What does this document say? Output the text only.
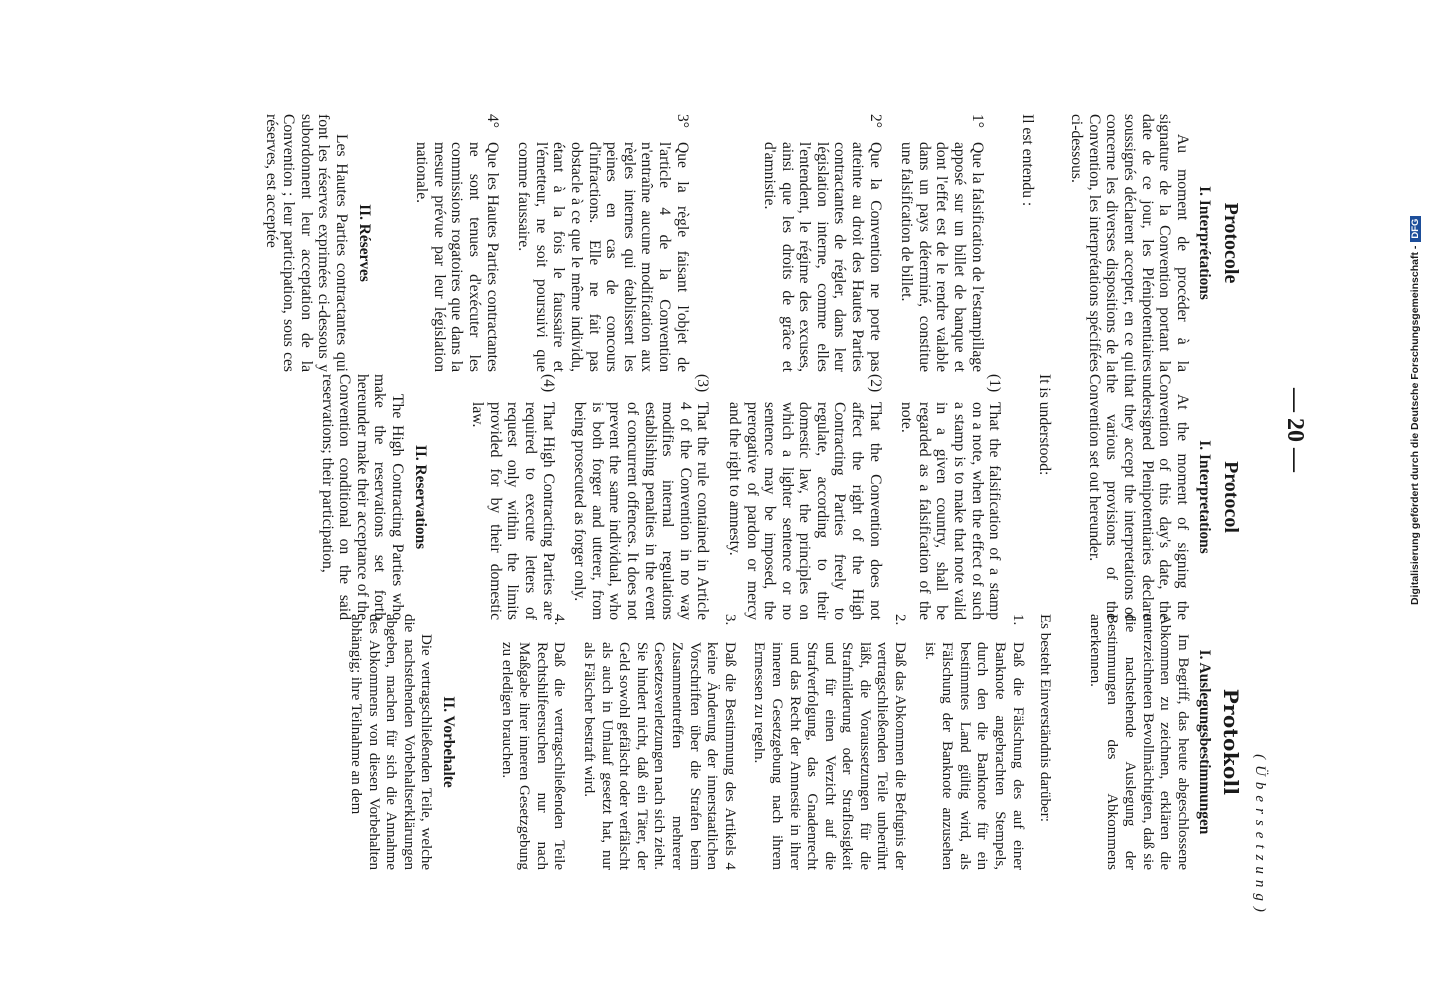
— 20 —
(Übersetzung)
Protocole
I. Interprétations

Au moment de procéder à la signature de la Convention portant la date de ce jour, les Plénipotentiaires soussignés déclarent accepter, en ce qui concerne les diverses dispositions de la Convention, les interprétations spécifiées ci-dessous.

Il est entendu :

1°
Que la falsification de l'estampillage apposé sur un billet de banque et dont l'effet est de le rendre valable dans un pays déterminé, constitue une falsification de billet.
2°
Que la Convention ne porte pas atteinte au droit des Hautes Parties contractantes de régler, dans leur législation interne, comme elles l'entendent, le régime des excuses, ainsi que les droits de grâce et d'amnistie.
3°
Que la règle faisant l'objet de l'article 4 de la Convention n'entraîne aucune modification aux règles internes qui établissent les peines en cas de concours d'infractions. Elle ne fait pas obstacle à ce que le même individu, étant à la fois le faussaire et l'émetteur, ne soit poursuivi que comme faussaire.
4°
Que les Hautes Parties contractantes ne sont tenues d'exécuter les commissions rogatoires que dans la mesure prévue par leur législation nationale.
II. Réserves

Les Hautes Parties contractantes qui font les réserves exprimées ci-dessous y subordonnent leur acceptation de la Convention ; leur participation, sous ces réserves, est acceptée

Protocol
I. Interpretations

At the moment of signing the Convention of this day's date, the undersigned Plenipotentiaries declare that they accept the interpretations of the various provisions of the Convention set out hereunder.

It is understood:

(1)
That the falsification of a stamp on a note, when the effect of such a stamp is to make that note valid in a given country, shall be regarded as a falsification of the note.
(2)
That the Convention does not affect the right of the High Contracting Parties freely to regulate, according to their domestic law, the principles on which a lighter sentence or no sentence may be imposed, the prerogative of pardon or mercy and the right to amnesty.
(3)
That the rule contained in Article 4 of the Convention in no way modifies internal regulations establishing penalties in the event of concurrent offences. It does not prevent the same individual, who is both forger and utterer, from being prosecuted as forger only.
(4)
That High Contracting Parties are required to execute letters of request only within the limits provided for by their domestic law.
II. Reservations

The High Contracting Parties who make the reservations set forth hereunder make their acceptance of the Convention conditional on the said reservations; their participation,

Protokoll
I. Auslegungsbestimmungen

Im Begriff, das heute abgeschlossene Abkommen zu zeichnen, erklären die unterzeichneten Bevollmächtigten, daß sie die nachstehende Auslegung der Bestimmungen des Abkommens anerkennen.

Es besteht Einverständnis darüber:

1.
Daß die Fälschung des auf einer Banknote angebrachten Stempels, durch den die Banknote für ein bestimmtes Land gültig wird, als Fälschung der Banknote anzusehen ist.
2.
Daß das Abkommen die Befugnis der vertragschließenden Teile unberührt läßt, die Voraussetzungen für die Strafmilderung oder Straflosigkeit und für einen Verzicht auf die Strafverfolgung, das Gnadenrecht und das Recht der Amnestie in ihrer inneren Gesetzgebung nach ihrem Ermessen zu regeln.
3.
Daß die Bestimmung des Artikels 4 keine Änderung der innerstaatlichen Vorschriften über die Strafen beim Zusammentreffen mehrerer Gesetzesverletzungen nach sich zieht. Sie hindert nicht, daß ein Täter, der Geld sowohl gefälscht oder verfälscht als auch in Umlauf gesetzt hat, nur als Fälscher bestraft wird.
4.
Daß die vertragschließenden Teile Rechtshilfeersuchen nur nach Maßgabe ihrer inneren Gesetzgebung zu erledigen brauchen.
II. Vorbehalte

Die vertragschließenden Teile, welche die nachstehenden Vorbehaltserklärungen abgeben, machen für sich die Annahme des Abkommens von diesen Vorbehalten abhängig; ihre Teilnahme an dem

Digitalisierung gefördert durch die Deutsche Forschungsgemeinschaft -DFG
